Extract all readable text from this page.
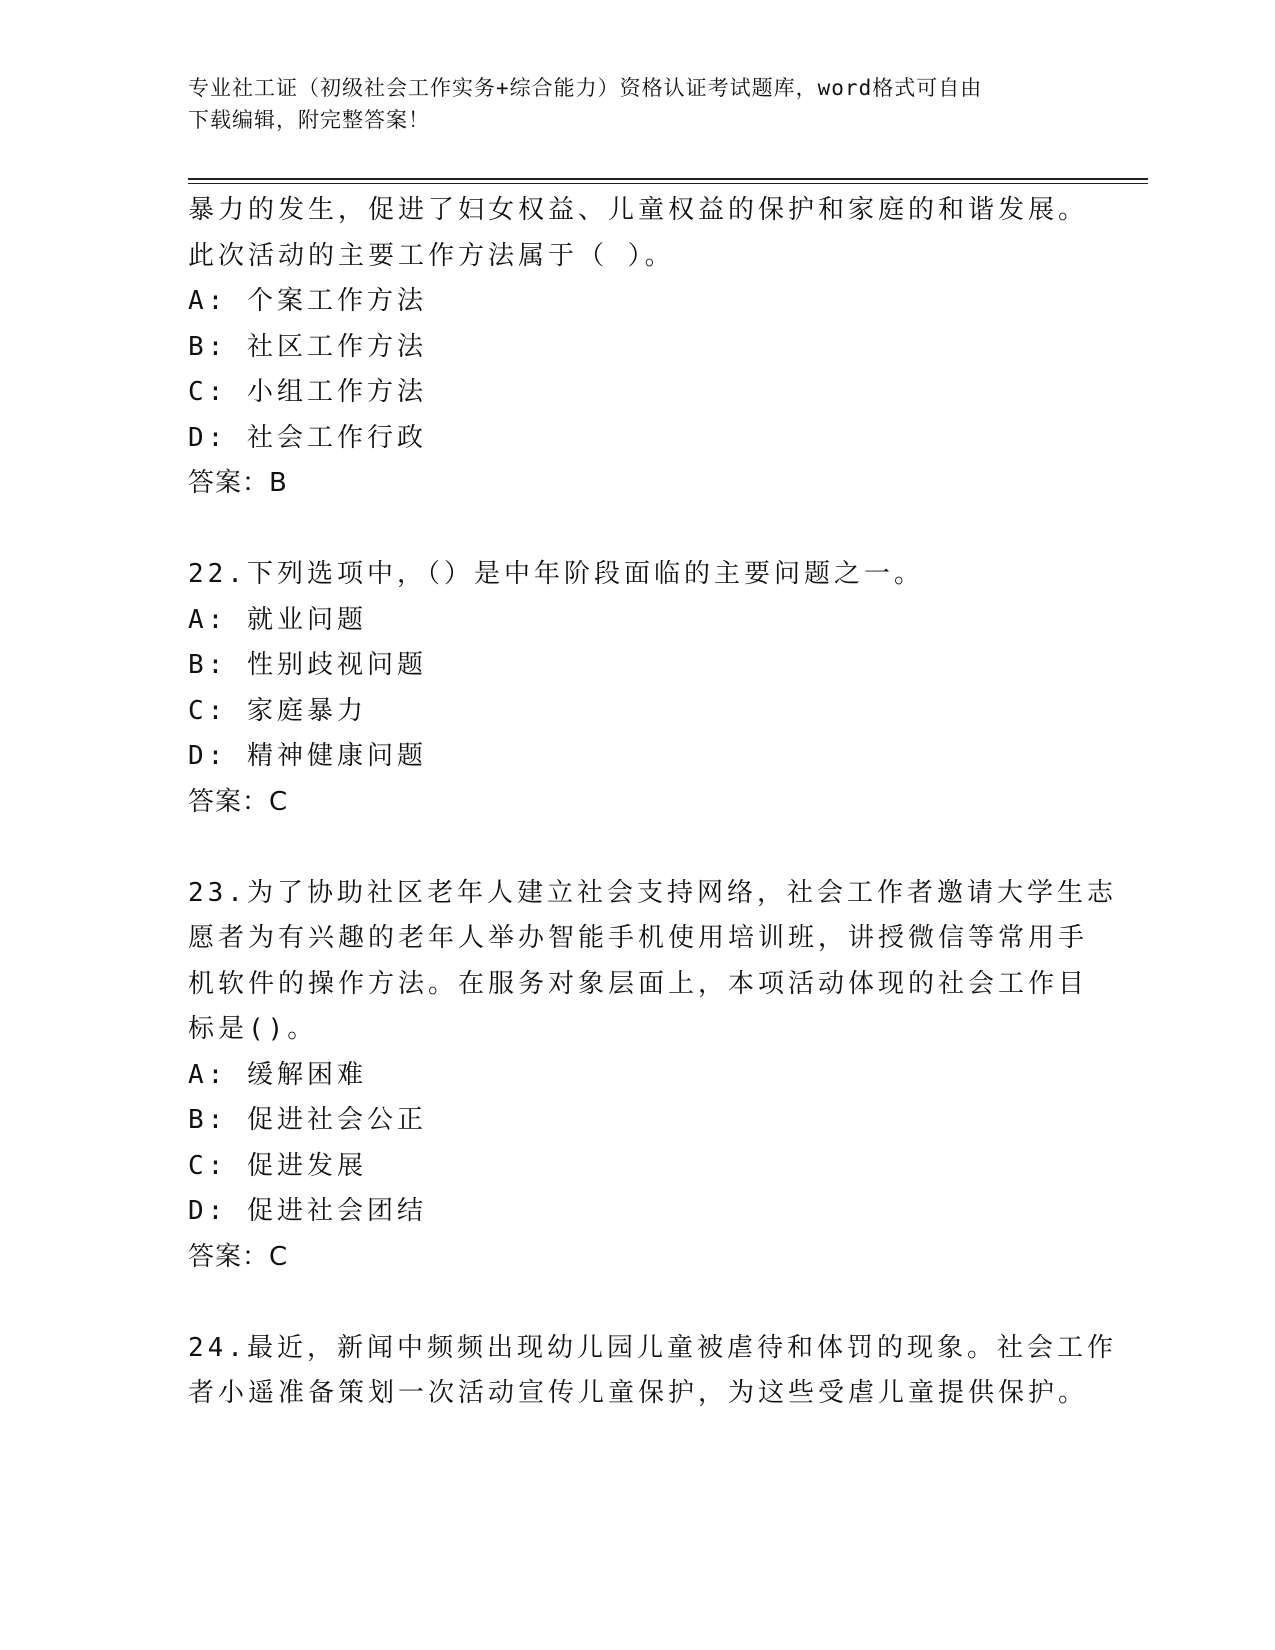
专业社工证（初级社会工作实务+综合能力）资格认证考试题库，word格式可自由
下载编辑，附完整答案！
暴力的发生，促进了妇女权益、儿童权益的保护和家庭的和谐发展。
此次活动的主要工作方法属于（ ）。
A: 个案工作方法
B: 社区工作方法
C: 小组工作方法
D: 社会工作行政
答案：B
22.下列选项中，（）是中年阶段面临的主要问题之一。
A: 就业问题
B: 性别歧视问题
C: 家庭暴力
D: 精神健康问题
答案：C
23.为了协助社区老年人建立社会支持网络，社会工作者邀请大学生志
愿者为有兴趣的老年人举办智能手机使用培训班，讲授微信等常用手
机软件的操作方法。在服务对象层面上，本项活动体现的社会工作目
标是()。
A: 缓解困难
B: 促进社会公正
C: 促进发展
D: 促进社会团结
答案：C
24.最近，新闻中频频出现幼儿园儿童被虐待和体罚的现象。社会工作
者小遥准备策划一次活动宣传儿童保护，为这些受虐儿童提供保护。
